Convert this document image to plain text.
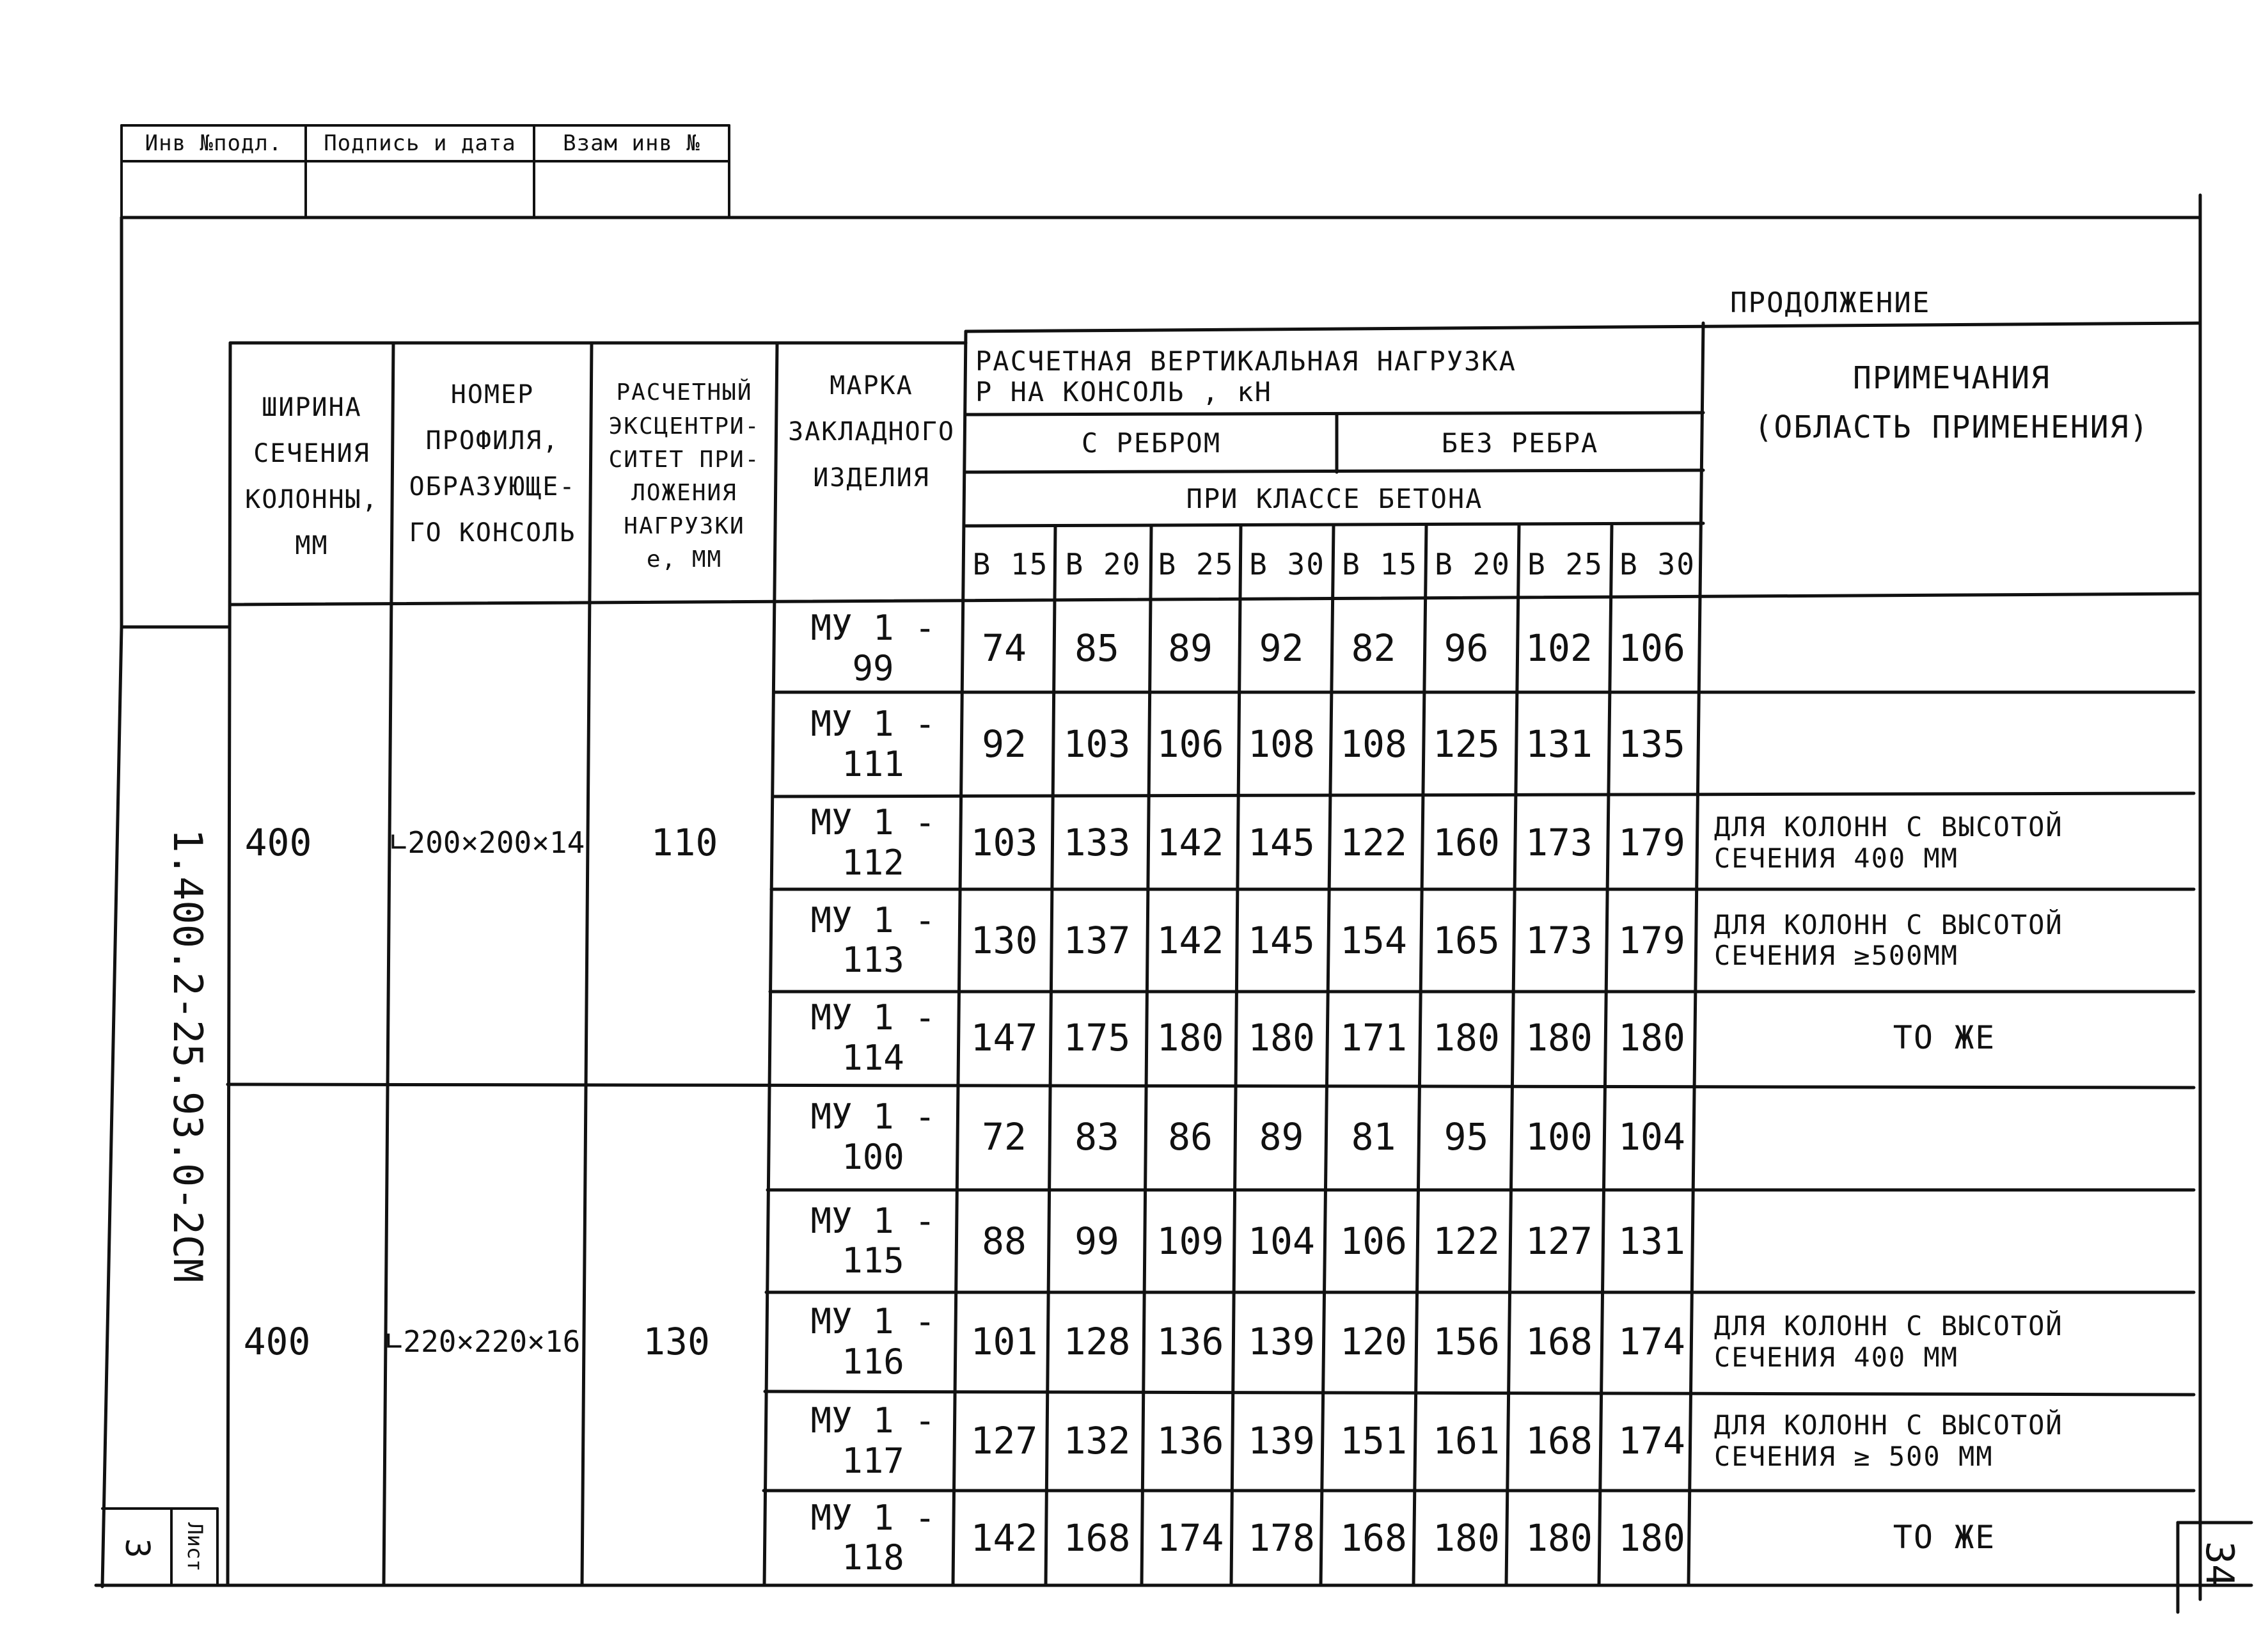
Инв №подл.	Подпись и дата	Взам инв №
ПРОДОЛЖЕНИЕ
1.400.2-25.93.0-2СМ
Лист
3	34
ШИРИНА
СЕЧЕНИЯ
КОЛОННЫ,
ММ
НОМЕР
ПРОФИЛЯ,
ОБРАЗУЮЩЕ-
ГО КОНСОЛЬ
РАСЧЕТНЫЙ
ЭКСЦЕНТРИ-
СИТЕТ ПРИ-
ЛОЖЕНИЯ
НАГРУЗКИ
е, ММ
МАРКА
ЗАКЛАДНОГО
ИЗДЕЛИЯ
РАСЧЕТНАЯ ВЕРТИКАЛЬНАЯ НАГРУЗКА
Р НА КОНСОЛЬ , кН
С РЕБРОМ	БЕЗ РЕБРА
ПРИ КЛАССЕ БЕТОНА
В 15 В 20 В 25 В 30 В 15 В 20 В 25 В 30
ПРИМЕЧАНИЯ
(ОБЛАСТЬ ПРИМЕНЕНИЯ)
400	∟200×200×14	110
400	∟220×220×16	130
МУ 1 - 99	74	85	89	92	82	96 102 106
МУ 1 - 111	92 103 106 108 108 125 131 135
МУ 1 - 112	103 133 142 145 122 160 173 179	ДЛЯ КОЛОНН С ВЫСОТОЙ
СЕЧЕНИЯ 400 ММ
МУ 1 - 113	130 137 142 145 154 165 173 179	ДЛЯ КОЛОНН С ВЫСОТОЙ
СЕЧЕНИЯ ≥500ММ
МУ 1 - 114	147 175 180 180 171 180 180 180	ТО ЖЕ
МУ 1 - 100	72	83	86	89	81	95 100 104
МУ 1 - 115	88	99	109 104 106 122 127 131
МУ 1 - 116	101 128 136 139 120 156 168 174	ДЛЯ КОЛОНН С ВЫСОТОЙ
СЕЧЕНИЯ 400 ММ
МУ 1 - 117	127 132 136 139 151 161 168 174	ДЛЯ КОЛОНН С ВЫСОТОЙ
СЕЧЕНИЯ ≥ 500 ММ
МУ 1 - 118	142 168 174 178 168 180 180 180	ТО ЖЕ
